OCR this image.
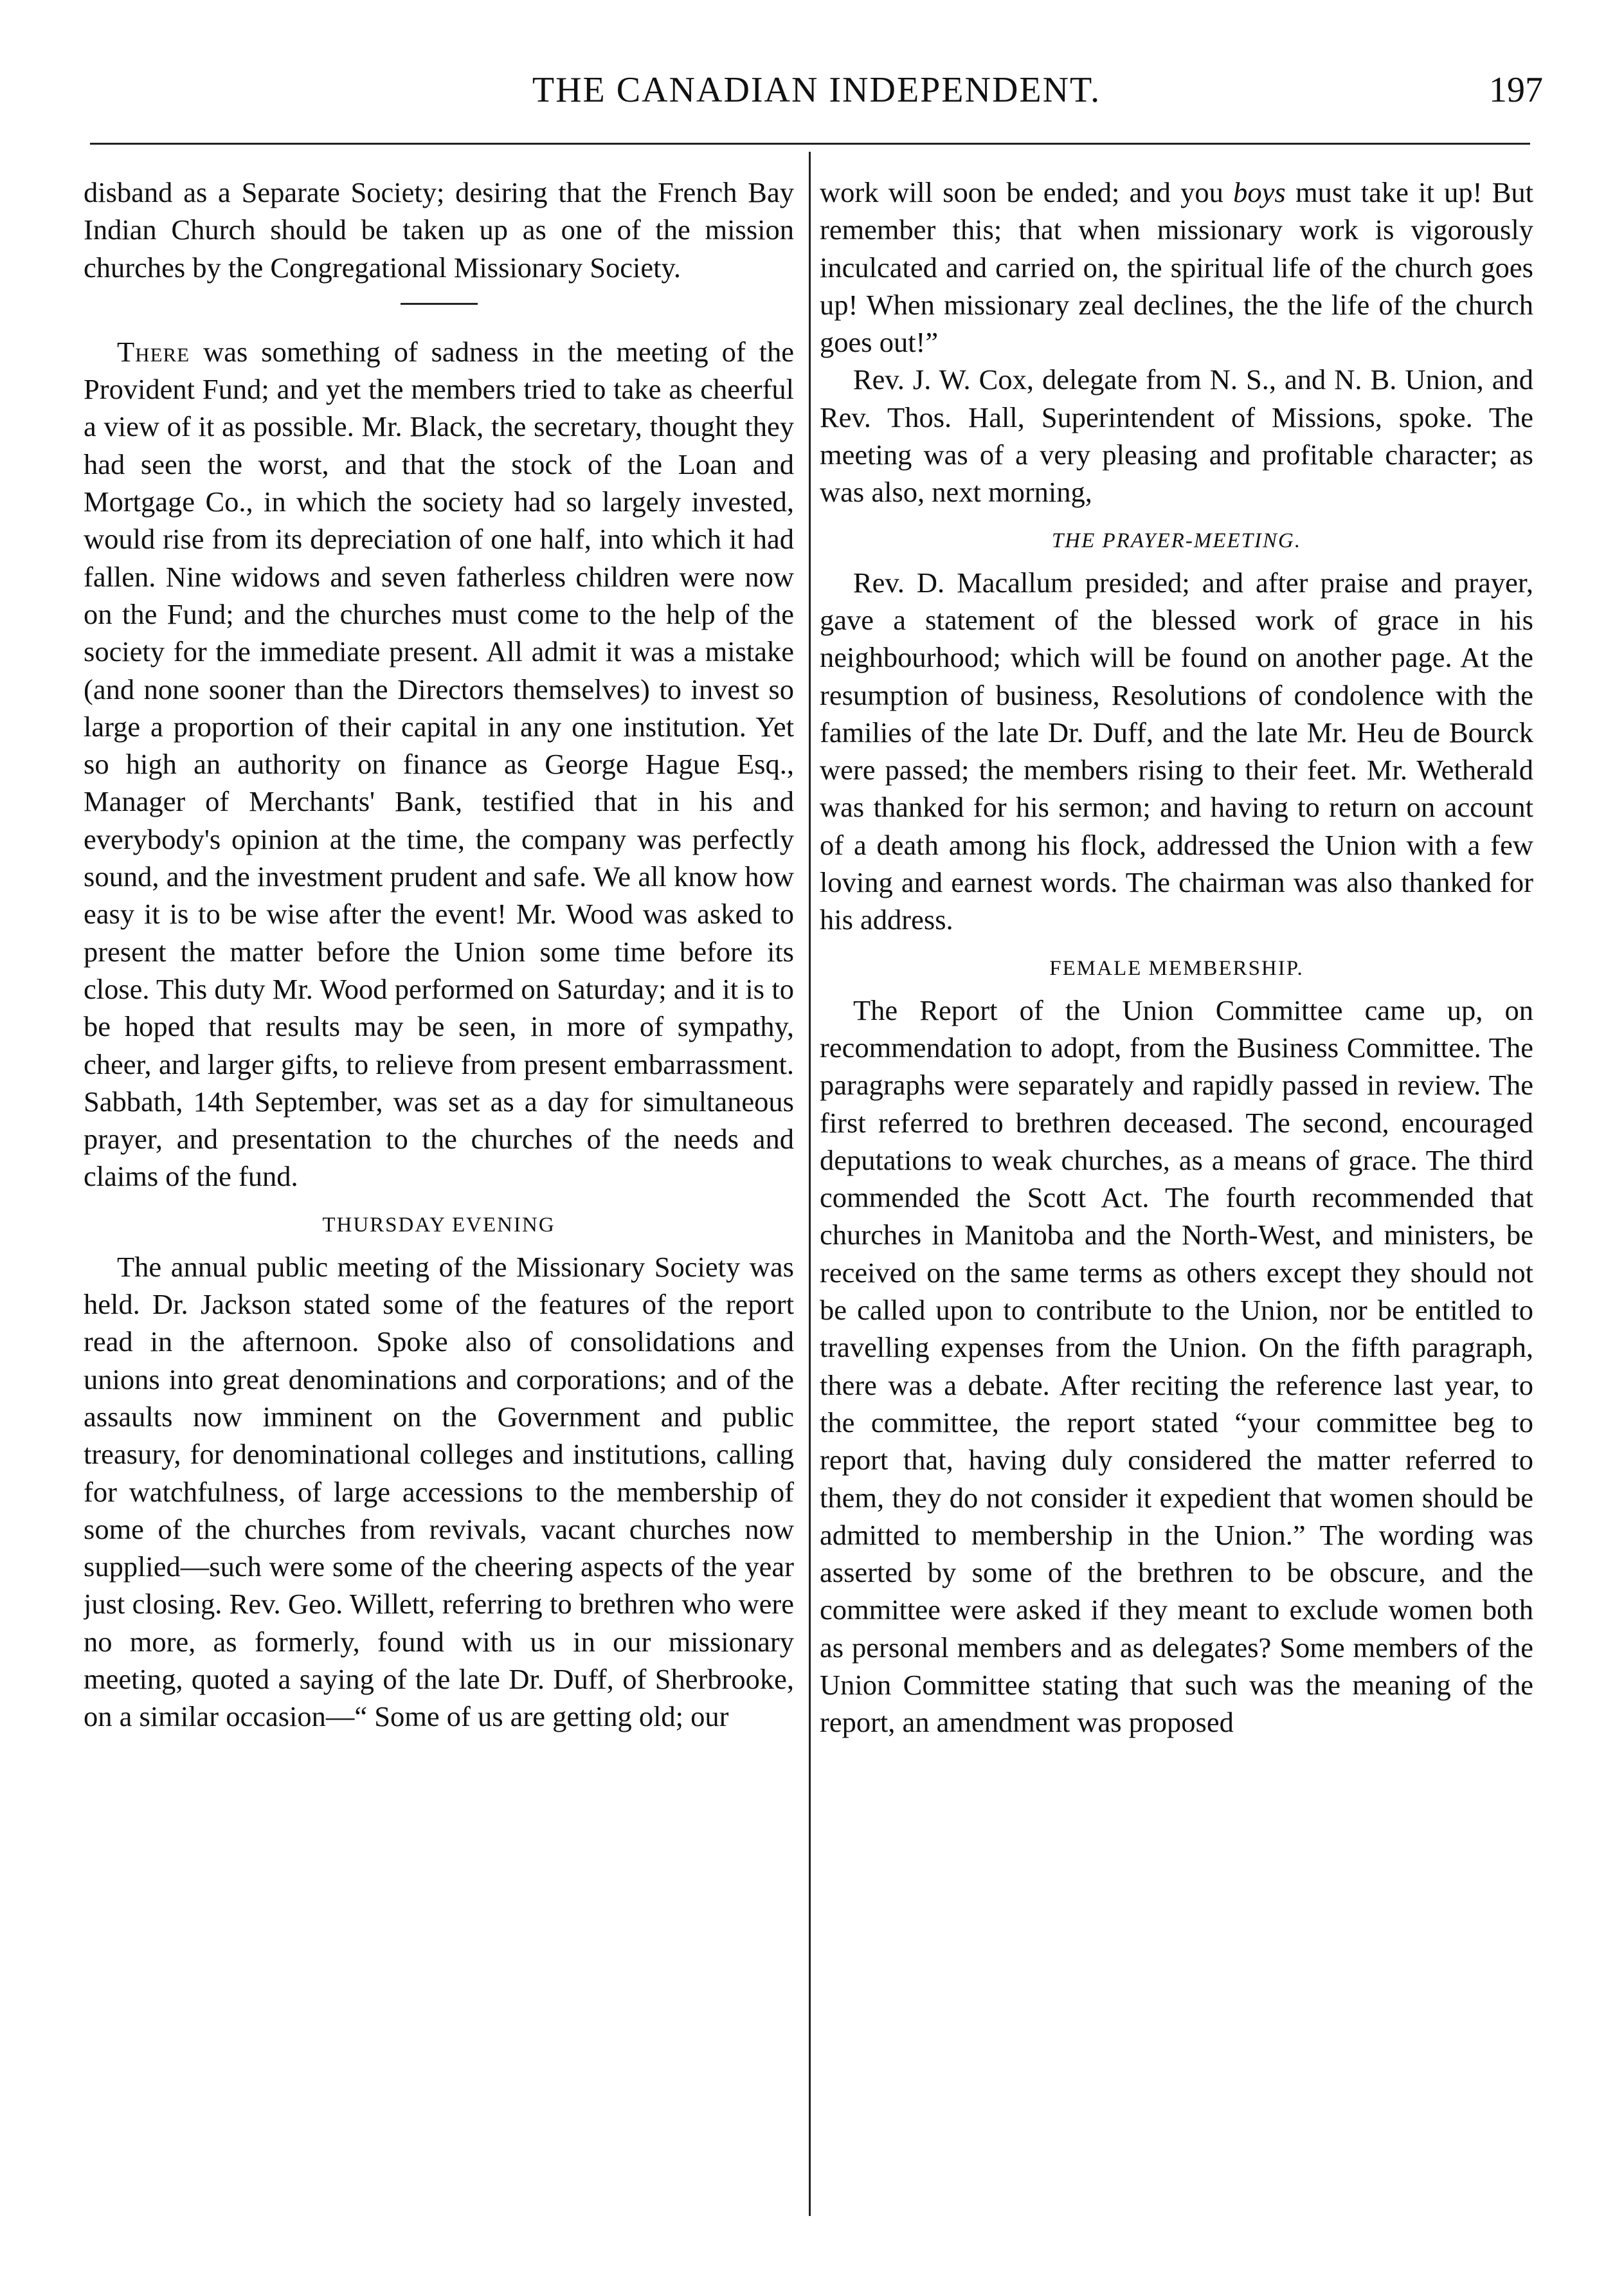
THE CANADIAN INDEPENDENT.	197

disband as a Separate Society; desiring that the French Bay Indian Church should be taken up as one of the mission churches by the Congregational Missionary Society.

There was something of sadness in the meeting of the Provident Fund; and yet the members tried to take as cheerful a view of it as possible. Mr. Black, the secretary, thought they had seen the worst, and that the stock of the Loan and Mortgage Co., in which the society had so largely invested, would rise from its depreciation of one half, into which it had fallen. Nine widows and seven fatherless children were now on the Fund; and the churches must come to the help of the society for the immediate present. All admit it was a mistake (and none sooner than the Directors themselves) to invest so large a proportion of their capital in any one institution. Yet so high an authority on finance as George Hague Esq., Manager of Merchants' Bank, testified that in his and everybody's opinion at the time, the company was perfectly sound, and the investment prudent and safe. We all know how easy it is to be wise after the event! Mr. Wood was asked to present the matter before the Union some time before its close. This duty Mr. Wood performed on Saturday; and it is to be hoped that results may be seen, in more of sympathy, cheer, and larger gifts, to relieve from present embarrassment. Sabbath, 14th September, was set as a day for simultaneous prayer, and presentation to the churches of the needs and claims of the fund.

THURSDAY EVENING

The annual public meeting of the Missionary Society was held. Dr. Jackson stated some of the features of the report read in the afternoon. Spoke also of consolidations and unions into great denominations and corporations; and of the assaults now imminent on the Government and public treasury, for denominational colleges and institutions, calling for watchfulness, of large accessions to the membership of some of the churches from revivals, vacant churches now supplied—such were some of the cheering aspects of the year just closing. Rev. Geo. Willett, referring to brethren who were no more, as formerly, found with us in our missionary meeting, quoted a saying of the late Dr. Duff, of Sherbrooke, on a similar occasion—“ Some of us are getting old; our

work will soon be ended; and you boys must take it up! But remember this; that when missionary work is vigorously inculcated and carried on, the spiritual life of the church goes up! When missionary zeal declines, the the life of the church goes out!”

Rev. J. W. Cox, delegate from N. S., and N. B. Union, and Rev. Thos. Hall, Superintendent of Missions, spoke. The meeting was of a very pleasing and profitable character; as was also, next morning,

THE PRAYER-MEETING.

Rev. D. Macallum presided; and after praise and prayer, gave a statement of the blessed work of grace in his neighbourhood; which will be found on another page. At the resumption of business, Resolutions of condolence with the families of the late Dr. Duff, and the late Mr. Heu de Bourck were passed; the members rising to their feet. Mr. Wetherald was thanked for his sermon; and having to return on account of a death among his flock, addressed the Union with a few loving and earnest words. The chairman was also thanked for his address.

FEMALE MEMBERSHIP.

The Report of the Union Committee came up, on recommendation to adopt, from the Business Committee. The paragraphs were separately and rapidly passed in review. The first referred to brethren deceased. The second, encouraged deputations to weak churches, as a means of grace. The third commended the Scott Act. The fourth recommended that churches in Manitoba and the North-West, and ministers, be received on the same terms as others except they should not be called upon to contribute to the Union, nor be entitled to travelling expenses from the Union. On the fifth paragraph, there was a debate. After reciting the reference last year, to the committee, the report stated “your committee beg to report that, having duly considered the matter referred to them, they do not consider it expedient that women should be admitted to membership in the Union.” The wording was asserted by some of the brethren to be obscure, and the committee were asked if they meant to exclude women both as personal members and as delegates? Some members of the Union Committee stating that such was the meaning of the report, an amendment was proposed
